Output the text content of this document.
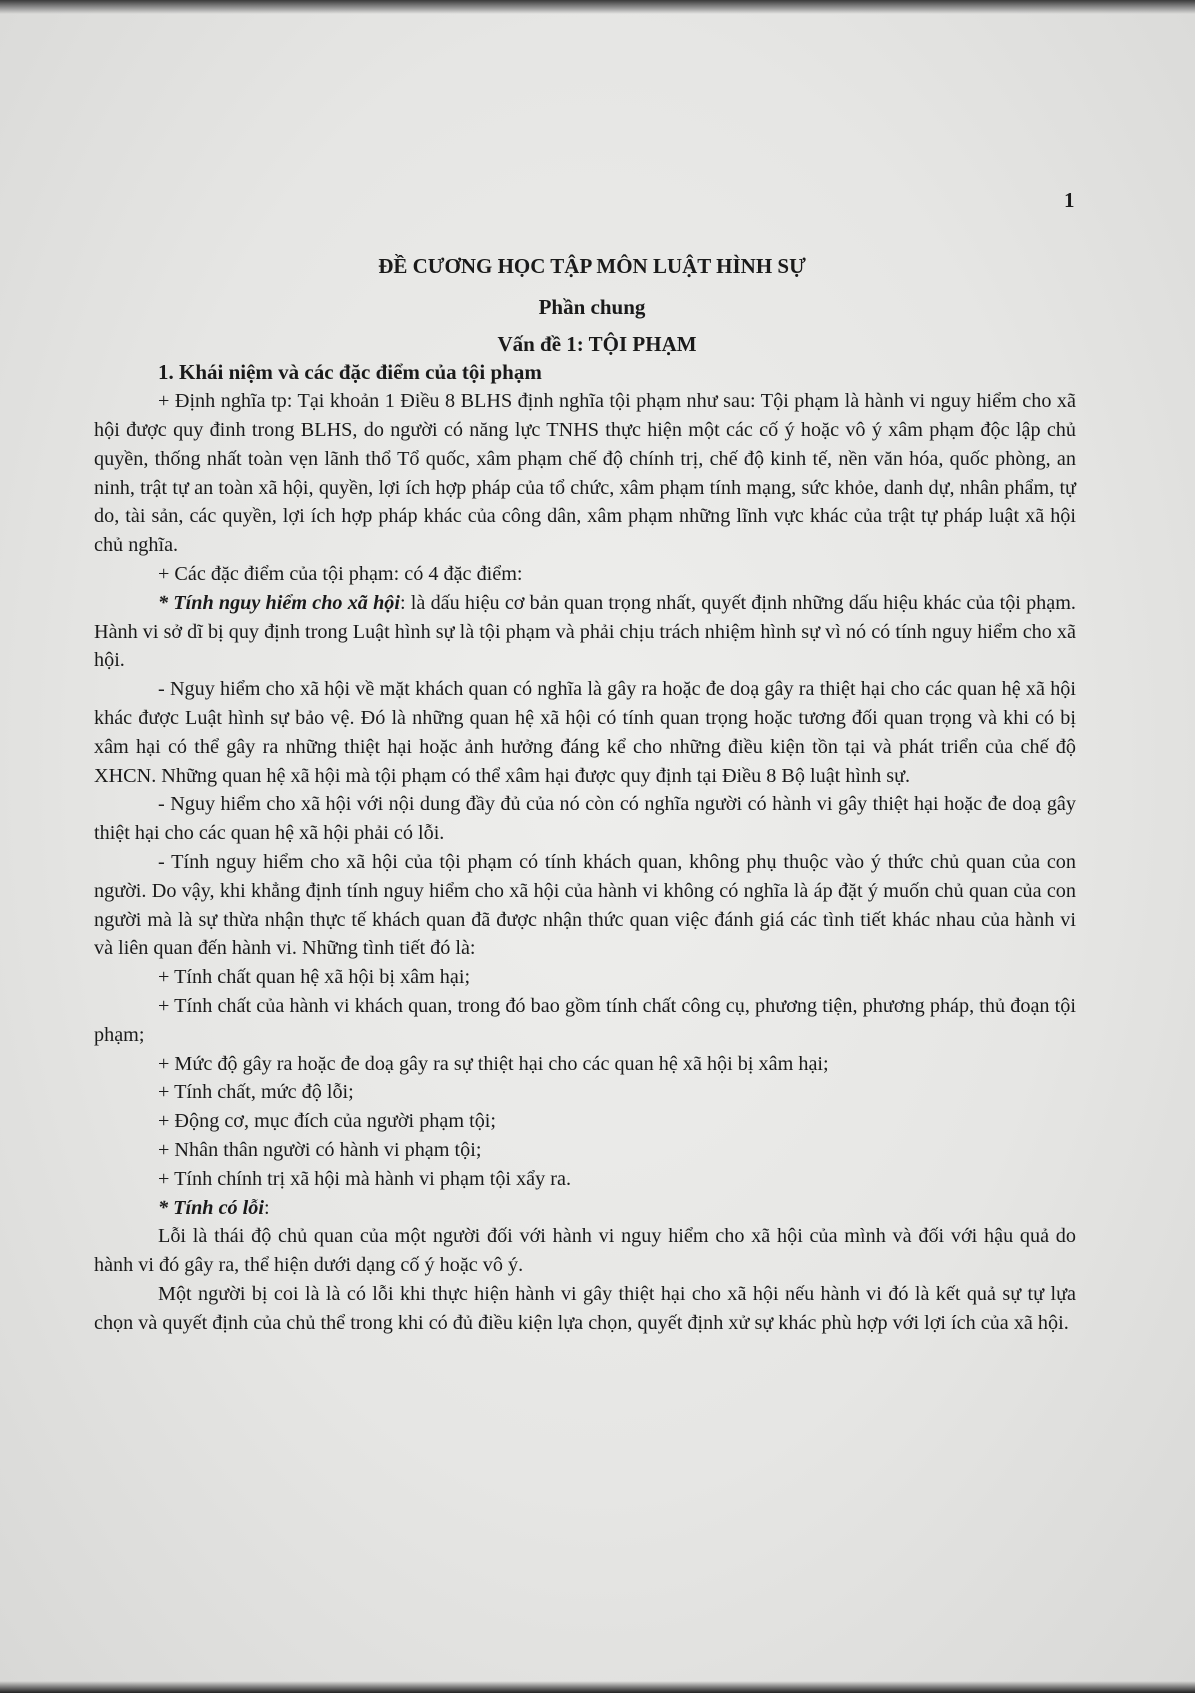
1
ĐỀ CƯƠNG HỌC TẬP MÔN LUẬT HÌNH SỰ
Phần chung
Vấn đề 1: TỘI PHẠM
1. Khái niệm và các đặc điểm của tội phạm

+ Định nghĩa tp: Tại khoản 1 Điều 8 BLHS định nghĩa tội phạm như sau: Tội phạm là hành vi nguy hiểm cho xã hội được quy đinh trong BLHS, do người có năng lực TNHS thực hiện một các cố ý hoặc vô ý xâm phạm độc lập chủ quyền, thống nhất toàn vẹn lãnh thổ Tổ quốc, xâm phạm chế độ chính trị, chế độ kinh tế, nền văn hóa, quốc phòng, an ninh, trật tự an toàn xã hội, quyền, lợi ích hợp pháp của tổ chức, xâm phạm tính mạng, sức khỏe, danh dự, nhân phẩm, tự do, tài sản, các quyền, lợi ích hợp pháp khác của công dân, xâm phạm những lĩnh vực khác của trật tự pháp luật xã hội chủ nghĩa.

+ Các đặc điểm của tội phạm: có 4 đặc điểm:

* Tính nguy hiểm cho xã hội: là dấu hiệu cơ bản quan trọng nhất, quyết định những dấu hiệu khác của tội phạm. Hành vi sở dĩ bị quy định trong Luật hình sự là tội phạm và phải chịu trách nhiệm hình sự vì nó có tính nguy hiểm cho xã hội.

- Nguy hiểm cho xã hội về mặt khách quan có nghĩa là gây ra hoặc đe doạ gây ra thiệt hại cho các quan hệ xã hội khác được Luật hình sự bảo vệ. Đó là những quan hệ xã hội có tính quan trọng hoặc tương đối quan trọng và khi có bị xâm hại có thể gây ra những thiệt hại hoặc ảnh hưởng đáng kể cho những điều kiện tồn tại và phát triển của chế độ XHCN. Những quan hệ xã hội mà tội phạm có thể xâm hại được quy định tại Điều 8 Bộ luật hình sự.

- Nguy hiểm cho xã hội với nội dung đầy đủ của nó còn có nghĩa người có hành vi gây thiệt hại hoặc đe doạ gây thiệt hại cho các quan hệ xã hội phải có lỗi.

- Tính nguy hiểm cho xã hội của tội phạm có tính khách quan, không phụ thuộc vào ý thức chủ quan của con người. Do vậy, khi khẳng định tính nguy hiểm cho xã hội của hành vi không có nghĩa là áp đặt ý muốn chủ quan của con người mà là sự thừa nhận thực tế khách quan đã được nhận thức quan việc đánh giá các tình tiết khác nhau của hành vi và liên quan đến hành vi. Những tình tiết đó là:

+ Tính chất quan hệ xã hội bị xâm hại;

+ Tính chất của hành vi khách quan, trong đó bao gồm tính chất công cụ, phương tiện, phương pháp, thủ đoạn tội phạm;

+ Mức độ gây ra hoặc đe doạ gây ra sự thiệt hại cho các quan hệ xã hội bị xâm hại;

+ Tính chất, mức độ lỗi;

+ Động cơ, mục đích của người phạm tội;

+ Nhân thân người có hành vi phạm tội;

+ Tính chính trị xã hội mà hành vi phạm tội xẩy ra.

* Tính có lỗi:

Lỗi là thái độ chủ quan của một người đối với hành vi nguy hiểm cho xã hội của mình và đối với hậu quả do hành vi đó gây ra, thể hiện dưới dạng cố ý hoặc vô ý.

Một người bị coi là là có lỗi khi thực hiện hành vi gây thiệt hại cho xã hội nếu hành vi đó là kết quả sự tự lựa chọn và quyết định của chủ thể trong khi có đủ điều kiện lựa chọn, quyết định xử sự khác phù hợp với lợi ích của xã hội.
